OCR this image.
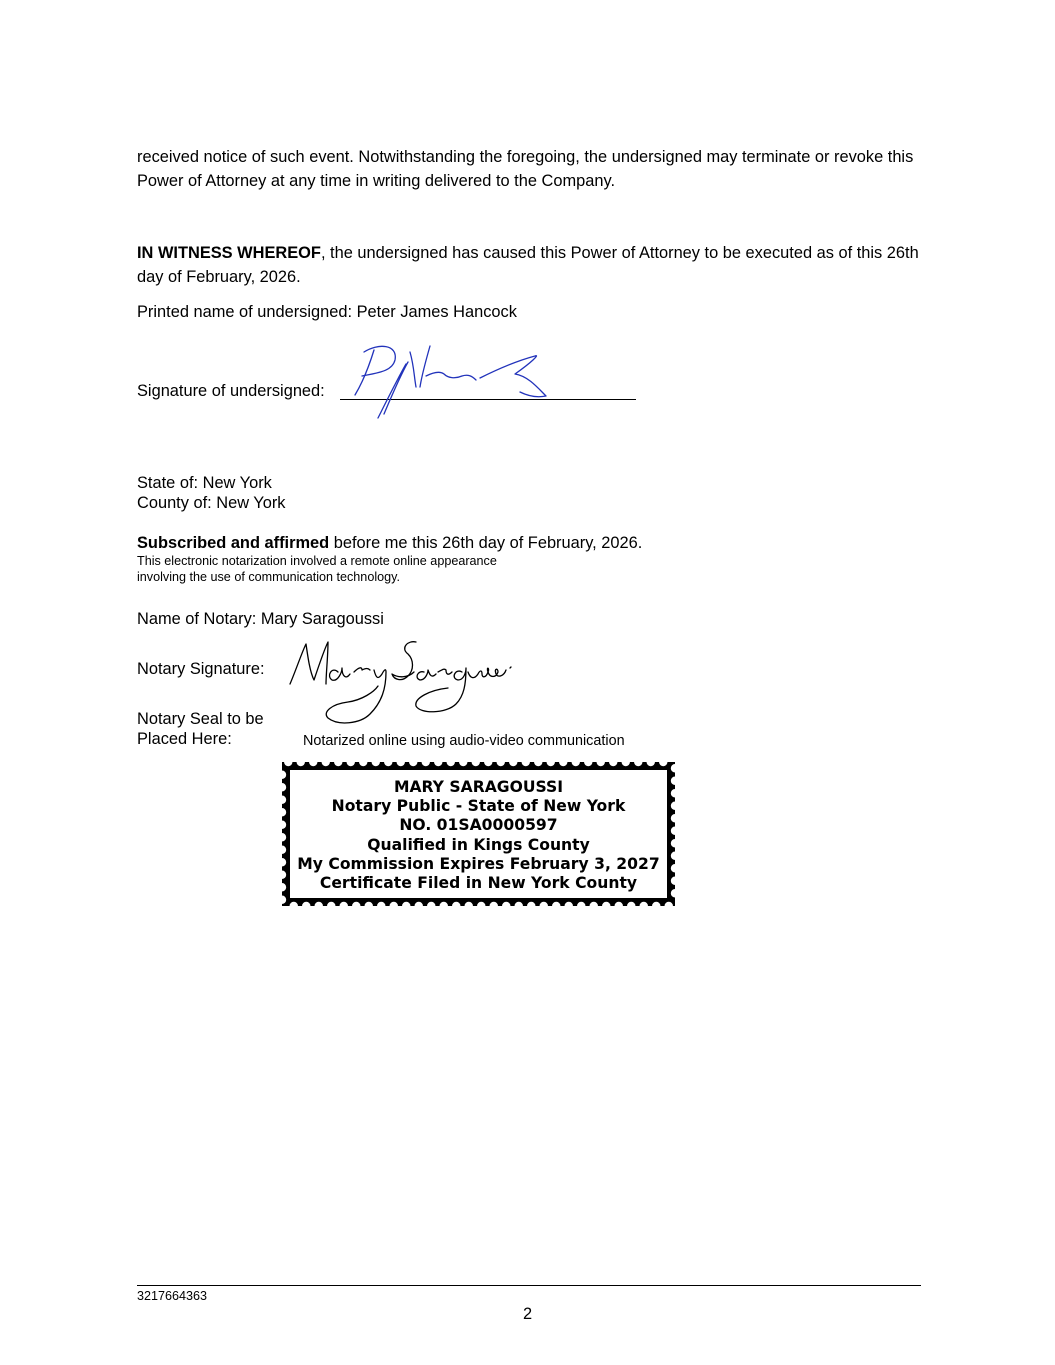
received notice of such event. Notwithstanding the foregoing, the undersigned may terminate or revoke this Power of Attorney at any time in writing delivered to the Company.
IN WITNESS WHEREOF, the undersigned has caused this Power of Attorney to be executed as of this 26th day of February, 2026.
Printed name of undersigned: Peter James Hancock
Signature of undersigned:
State of: New York
County of: New York
Subscribed and affirmed before me this 26th day of February, 2026.
This electronic notarization involved a remote online appearance
involving the use of communication technology.
Name of Notary: Mary Saragoussi
Notary Signature:
Notary Seal to be
Placed Here:	Notarized online using audio-video communication
MARY SARAGOUSSI
Notary Public - State of New York
NO. 01SA0000597
Qualified in Kings County
My Commission Expires February 3, 2027
Certificate Filed in New York County
3217664363
2
